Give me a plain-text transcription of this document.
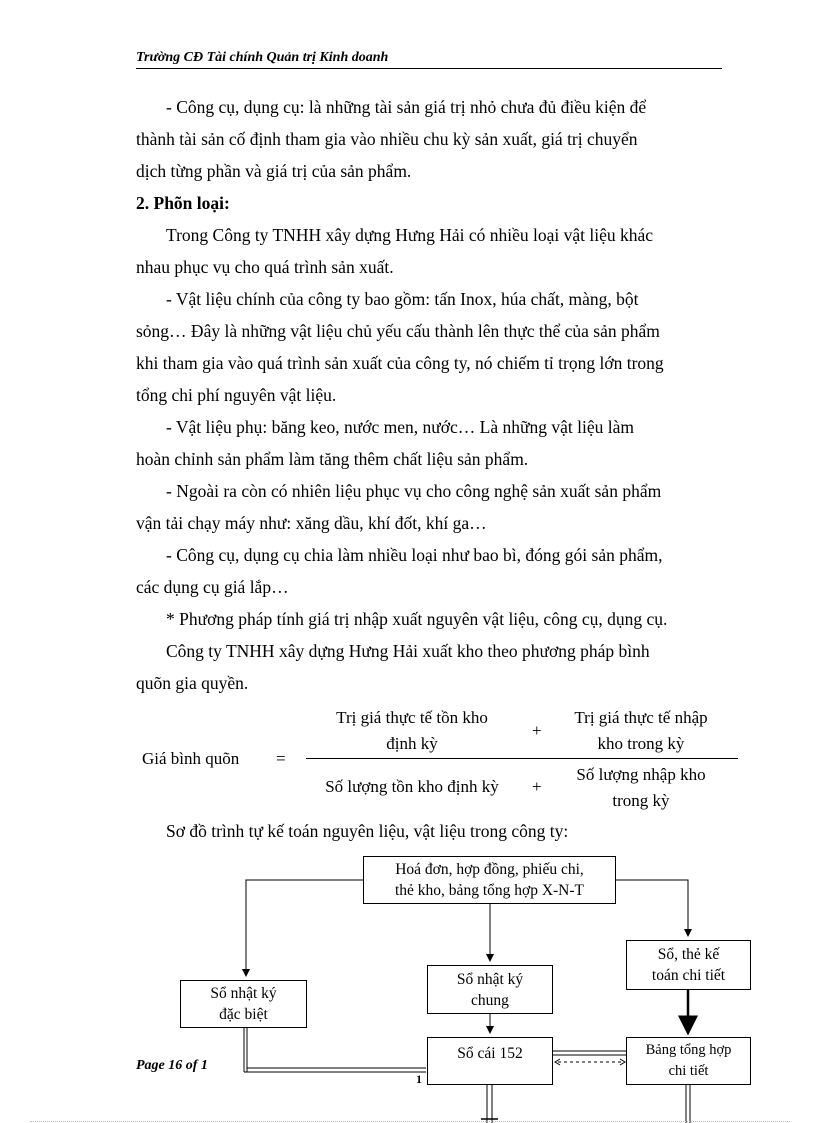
Trường CĐ Tài chính Quản trị Kinh doanh
- Công cụ, dụng cụ: là những tài sản giá trị nhỏ chưa đủ điều kiện để
thành tài sản cố định tham gia vào nhiều chu kỳ sản xuất, giá trị chuyển
dịch từng phần và giá trị của sản phẩm.
2. Phõn loại:
Trong Công ty TNHH xây dựng Hưng Hải có nhiều loại vật liệu khác
nhau phục vụ cho quá trình sản xuất.
- Vật liệu chính của công ty bao gồm: tấn Inox, húa chất, màng, bột
sỏng… Đây là những vật liệu chủ yếu cấu thành lên thực thể của sản phẩm
khi tham gia vào quá trình sản xuất của công ty, nó chiếm tỉ trọng lớn trong
tổng chi phí nguyên vật liệu.
- Vật liệu phụ: băng keo, nước men, nước… Là những vật liệu làm
hoàn chỉnh sản phẩm làm tăng thêm chất liệu sản phẩm.
- Ngoài ra còn có nhiên liệu phục vụ cho công nghệ sản xuất sản phẩm
vận tải chạy máy như: xăng dầu, khí đốt, khí ga…
- Công cụ, dụng cụ chia làm nhiều loại như bao bì, đóng gói sản phẩm,
các dụng cụ giá lắp…
* Phương pháp tính giá trị nhập xuất nguyên vật liệu, công cụ, dụng cụ.
Công ty TNHH xây dựng Hưng Hải xuất kho theo phương pháp bình
quõn gia quyền.
Giá bình quõn =
Trị giá thực tế tồn kho
định kỳ
+
Trị giá thực tế nhập
kho trong kỳ
Số lượng tồn kho định kỳ	+
Số lượng nhập kho
trong kỳ
Sơ đồ trình tự kế toán nguyên liệu, vật liệu trong công ty:
Hoá đơn, hợp đồng, phiếu chi,
thẻ kho, bảng tổng hợp X-N-T
Sổ nhật ký
đặc biệt
Sổ nhật ký
chung
Sổ, thẻ kế
toán chi tiết
Sổ cái 152	Bảng tổng hợp
chi tiết
Page 16 of 1
1
